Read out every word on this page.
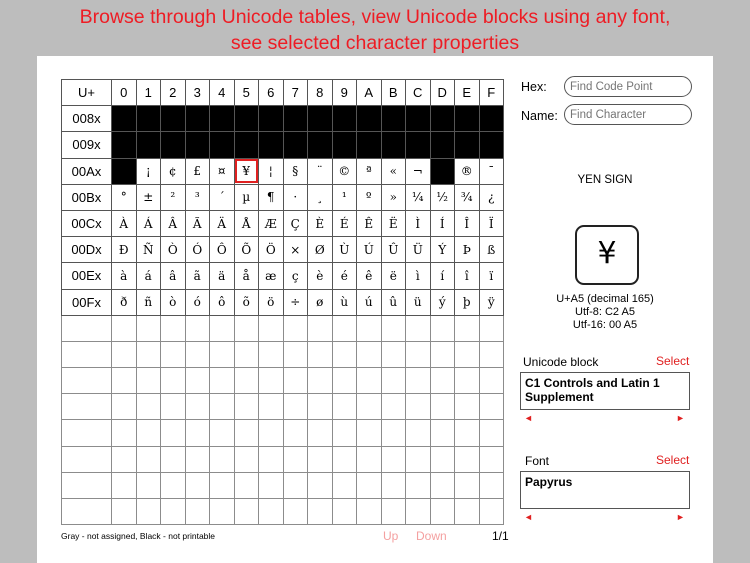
Browse through Unicode tables, view Unicode blocks using any font,
see selected character properties
U+	0	1	2	3	4	5	6	7	8	9	A	B	C	D	E	F
008x																
009x																
00Ax		¡	¢	£	¤	¥	¦	§	¨	©	ª	«	¬		®	¯
00Bx	°	±	²	³	´	µ	¶	·	¸	¹	º	»	¼	½	¾	¿
00Cx	À	Á	Â	Ã	Ä	Å	Æ	Ç	È	É	Ê	Ë	Ì	Í	Î	Ï
00Dx	Ð	Ñ	Ò	Ó	Ô	Õ	Ö	×	Ø	Ù	Ú	Û	Ü	Ý	Þ	ß
00Ex	à	á	â	ã	ä	å	æ	ç	è	é	ê	ë	ì	í	î	ï
00Fx	ð	ñ	ò	ó	ô	õ	ö	÷	ø	ù	ú	û	ü	ý	þ	ÿ

Hex:
Find Code Point
Name:
Find Character
YEN SIGN
¥
U+A5 (decimal 165)
Utf-8: C2 A5
Utf-16: 00 A5
Unicode block	Select
C1 Controls and Latin 1 Supplement
◄	►
Font	Select
Papyrus
◄	►
Gray - not assigned, Black - not printable	Up Down	1/1
